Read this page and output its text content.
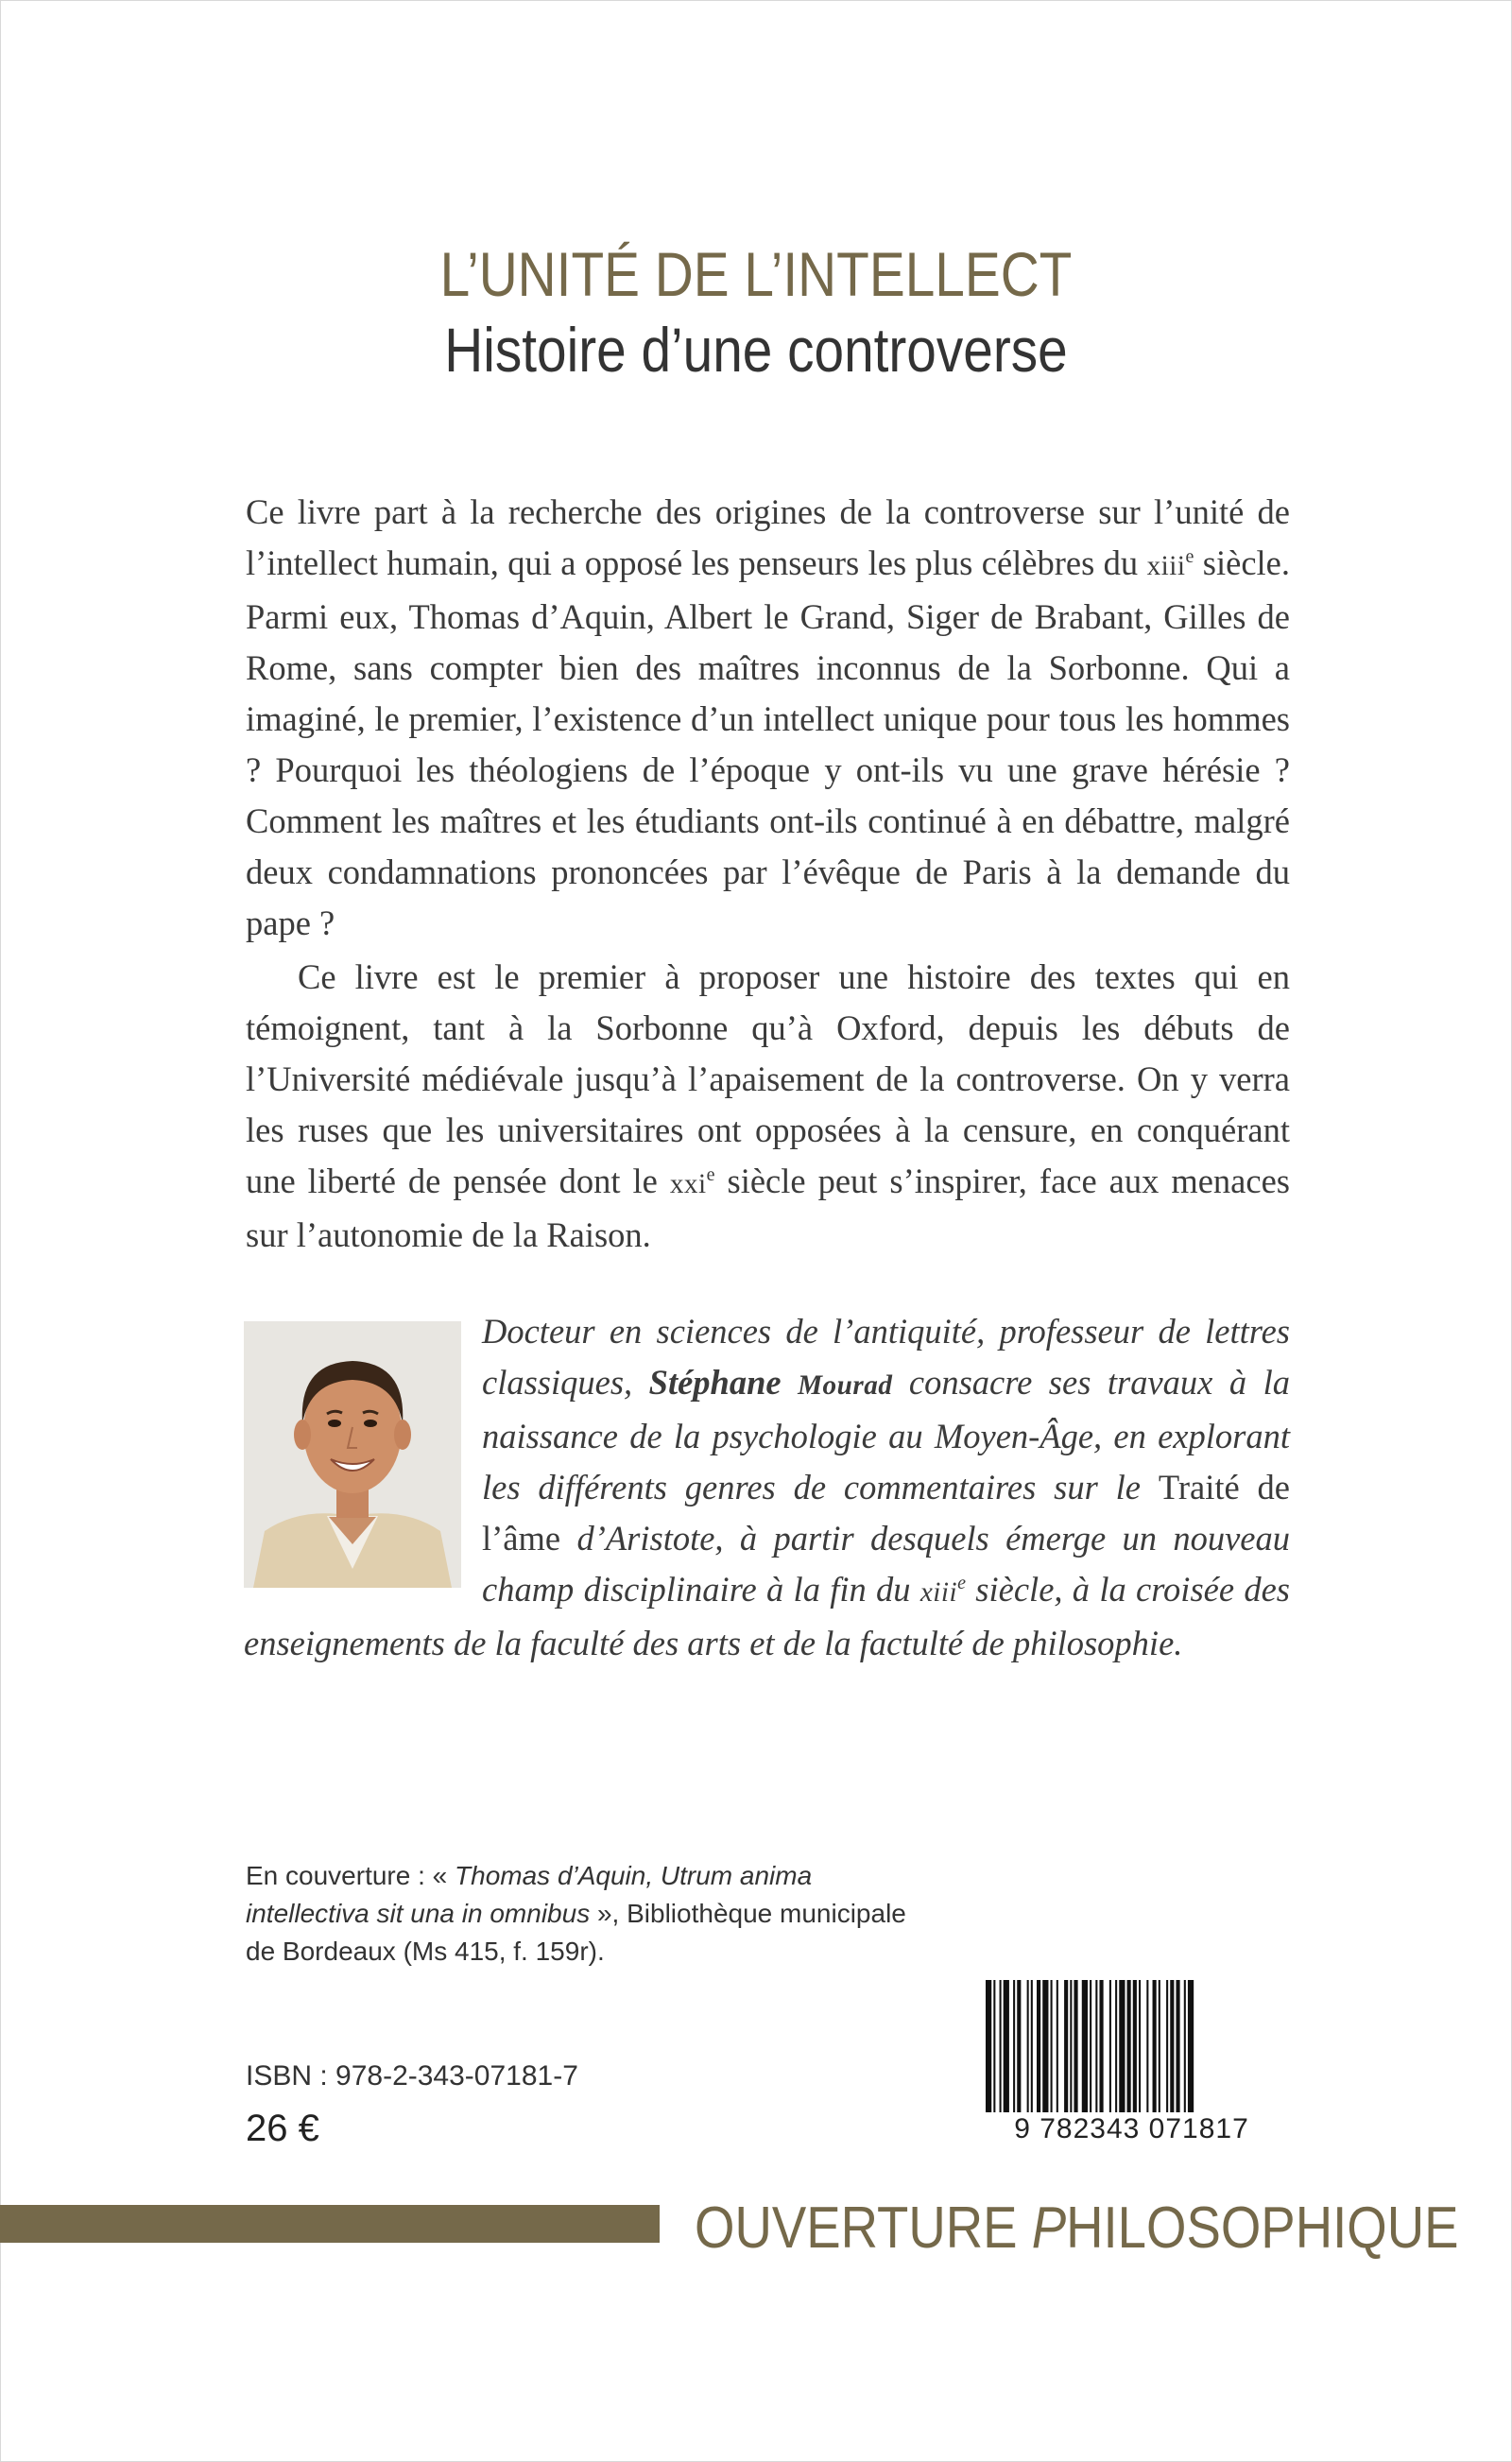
L’UNITÉ DE L’INTELLECT
Histoire d’une controverse

Ce livre part à la recherche des origines de la controverse sur l’unité de l’intellect humain, qui a opposé les penseurs les plus célèbres du xiii$^e$ siècle. Parmi eux, Thomas d’Aquin, Albert le Grand, Siger de Brabant, Gilles de Rome, sans compter bien des maîtres inconnus de la Sorbonne. Qui a imaginé, le premier, l’existence d’un intellect unique pour tous les hommes ? Pourquoi les théologiens de l’époque y ont-ils vu une grave hérésie ? Comment les maîtres et les étudiants ont-ils continué à en débattre, malgré deux condamnations prononcées par l’évêque de Paris à la demande du pape ?

Ce livre est le premier à proposer une histoire des textes qui en témoignent, tant à la Sorbonne qu’à Oxford, depuis les débuts de l’Université médiévale jusqu’à l’apaisement de la controverse. On y verra les ruses que les universitaires ont opposées à la censure, en conquérant une liberté de pensée dont le xxi$^e$ siècle peut s’inspirer, face aux menaces sur l’autonomie de la Raison.

Docteur en sciences de l’antiquité, professeur de lettres classiques, Stéphane Mourad consacre ses travaux à la naissance de la psychologie au Moyen-Âge, en explorant les différents genres de commentaires sur le Traité de l’âme d’Aristote, à partir desquels émerge un nouveau champ disciplinaire à la fin du xiii$^e$ siècle, à la croisée des enseignements de la faculté des arts et de la factulté de philosophie.
En couverture : « Thomas d’Aquin, Utrum anima intellectiva sit una in omnibus », Bibliothèque municipale de Bordeaux (Ms 415, f. 159r).
ISBN : 978-2-343-07181-7
26 €	9 782343 071817
OUVERTURE PHILOSOPHIQUE
